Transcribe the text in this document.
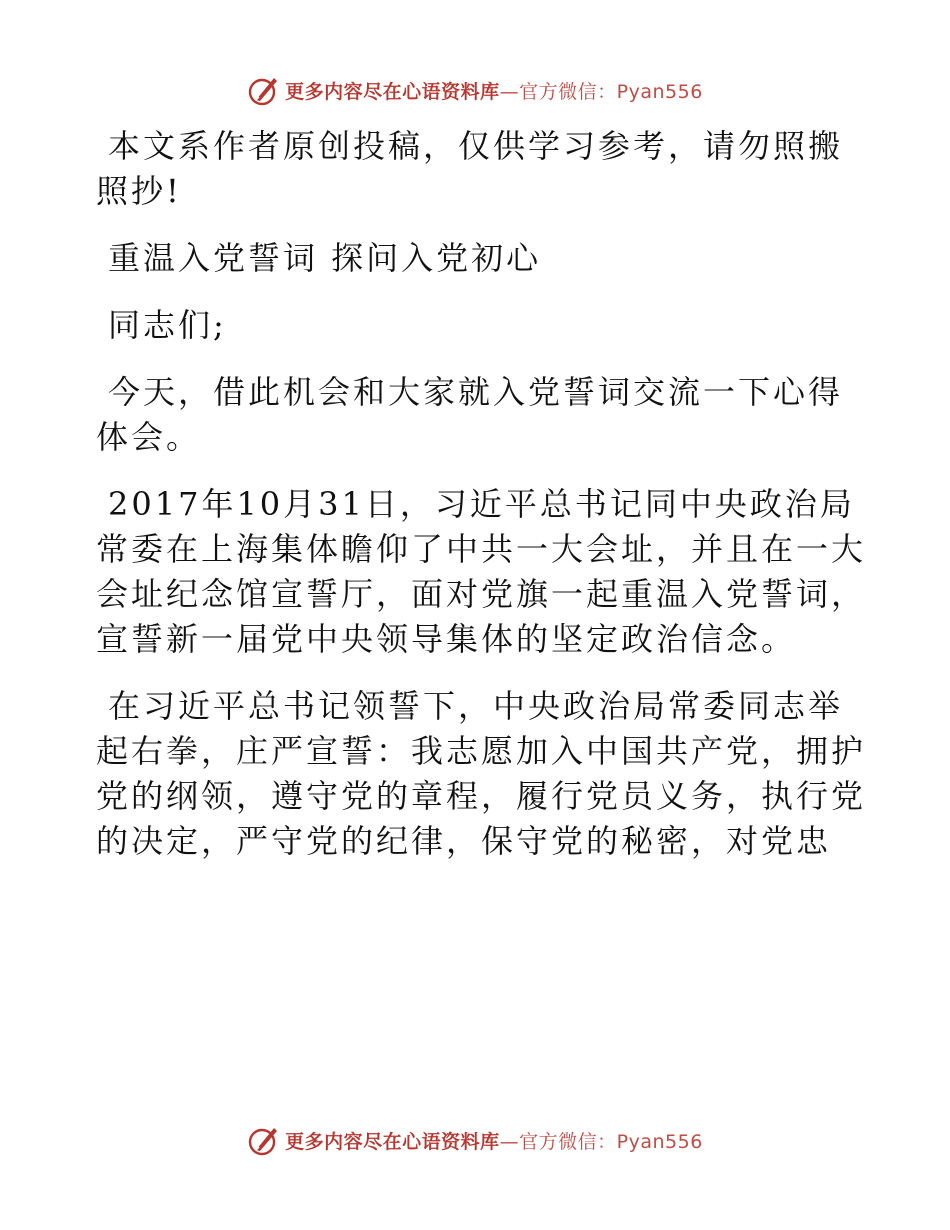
更多内容尽在心语资料库 —官方微信：Pyan556

本文系作者原创投稿，仅供学习参考，请勿照搬
照抄!

重温入党誓词 探问入党初心

同志们;

今天，借此机会和大家就入党誓词交流一下心得
体会。

2017年10月31日，习近平总书记同中央政治局
常委在上海集体瞻仰了中共一大会址，并且在一大
会址纪念馆宣誓厅，面对党旗一起重温入党誓词，
宣誓新一届党中央领导集体的坚定政治信念。

在习近平总书记领誓下，中央政治局常委同志举
起右拳，庄严宣誓：我志愿加入中国共产党，拥护
党的纲领，遵守党的章程，履行党员义务，执行党
的决定，严守党的纪律，保守党的秘密，对党忠

更多内容尽在心语资料库 —官方微信：Pyan556
